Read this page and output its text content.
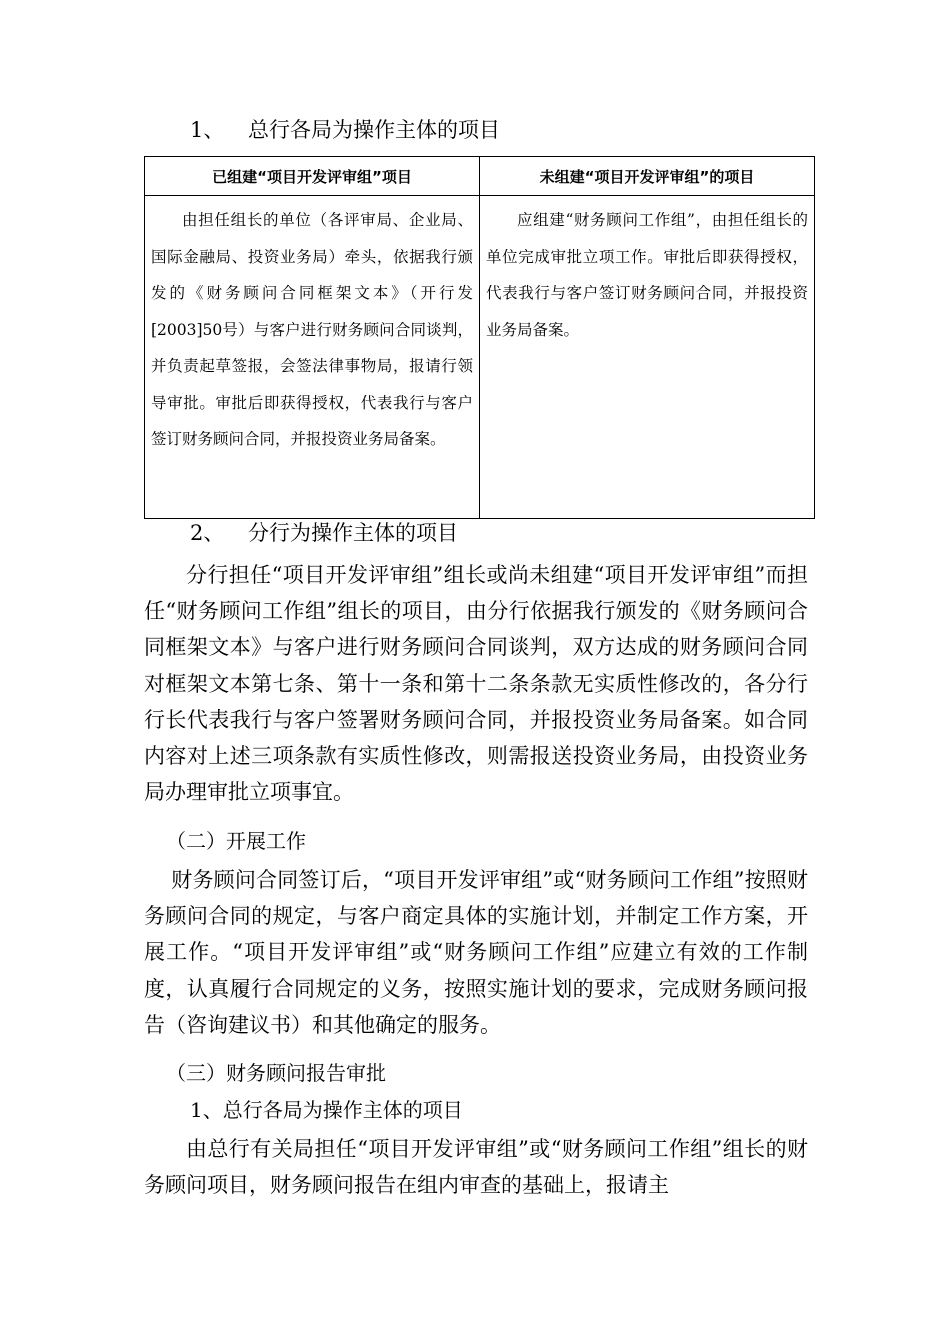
1、 总行各局为操作主体的项目
已组建“项目开发评审组”项目	未组建“项目开发评审组”的项目

由担任组长的单位（各评审局、企业局、国际金融局、投资业务局）牵头，依据我行颁发的《财务顾问合同框架文本》（开行发[2003]50号）与客户进行财务顾问合同谈判，并负责起草签报，会签法律事物局，报请行领导审批。审批后即获得授权，代表我行与客户签订财务顾问合同，并报投资业务局备案。	应组建“财务顾问工作组”，由担任组长的单位完成审批立项工作。审批后即获得授权，代表我行与客户签订财务顾问合同，并报投资业务局备案。

2、 分行为操作主体的项目

分行担任“项目开发评审组”组长或尚未组建“项目开发评审组”而担任“财务顾问工作组”组长的项目，由分行依据我行颁发的《财务顾问合同框架文本》与客户进行财务顾问合同谈判，双方达成的财务顾问合同对框架文本第七条、第十一条和第十二条条款无实质性修改的，各分行行长代表我行与客户签署财务顾问合同，并报投资业务局备案。如合同内容对上述三项条款有实质性修改，则需报送投资业务局，由投资业务局办理审批立项事宜。

（二）开展工作

财务顾问合同签订后，“项目开发评审组”或“财务顾问工作组”按照财务顾问合同的规定，与客户商定具体的实施计划，并制定工作方案，开展工作。“项目开发评审组”或“财务顾问工作组”应建立有效的工作制度，认真履行合同规定的义务，按照实施计划的要求，完成财务顾问报告（咨询建议书）和其他确定的服务。

（三）财务顾问报告审批
1、总行各局为操作主体的项目

由总行有关局担任“项目开发评审组”或“财务顾问工作组”组长的财务顾问项目，财务顾问报告在组内审查的基础上，报请主
